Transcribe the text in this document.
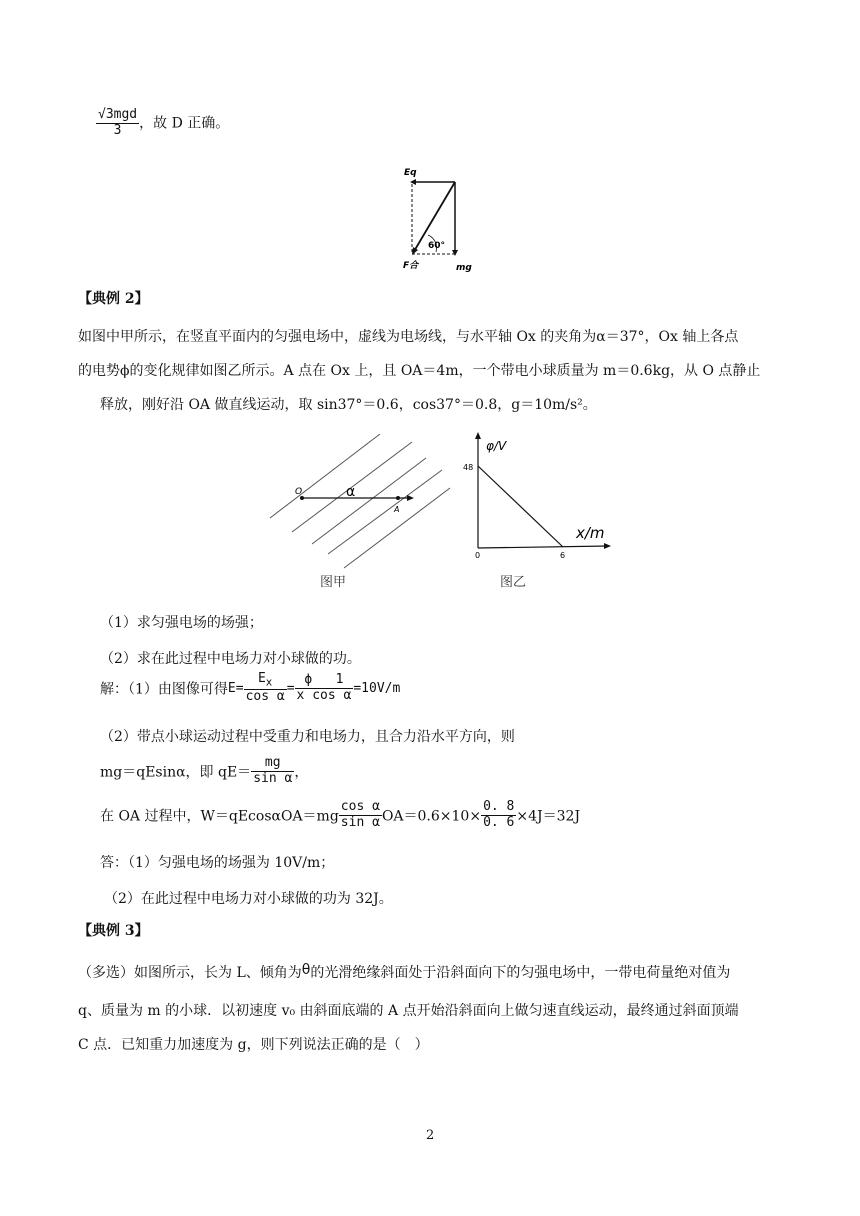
$\frac{\text{√3mgd}}{3}$ ，故 D 正确。
60°
Eq
F合	mg
【典例 2】
如图中甲所示，在竖直平面内的匀强电场中，虚线为电场线，与水平轴 Ox 的夹角为α＝37°，Ox 轴上各点
的电势ϕ的变化规律如图乙所示。A 点在 Ox 上，且 OA＝4m，一个带电小球质量为 m＝0.6kg，从 O 点静止
释放，刚好沿 OA 做直线运动，取 sin37°＝0.6，cos37°＝0.8，g＝10m/s²。
O	α
A
图甲
φ/V
x/m
48
0	6
图乙
（1）求匀强电场的场强；
（2）求在此过程中电场力对小球做的功。
解：（1）由图像可得$E= \frac{E_x}{\text{cos α}} = \frac{\phi 1}{\text{x cos α}} =10V/m$
（2）带点小球运动过程中受重力和电场力，且合力沿水平方向，则
mg＝qEsinα，即 $qE= \frac{mg}{\text{sin α}}$ ，
在 OA 过程中，$W=qEcos\alpha OA=mg \frac{\text{cos α}}{\text{sin α}} OA=0.6\times 10\times \frac{0. 8}{0. 6} \times 4J=32J$
答：（1）匀强电场的场强为 10V/m；
（2）在此过程中电场力对小球做的功为 32J。
【典例 3】
（多选）如图所示，长为 L、倾角为θ的光滑绝缘斜面处于沿斜面向下的匀强电场中，一带电荷量绝对值为
q、质量为 m 的小球．以初速度 v₀ 由斜面底端的 A 点开始沿斜面向上做匀速直线运动，最终通过斜面顶端
C 点．已知重力加速度为 g，则下列说法正确的是（　）
2
